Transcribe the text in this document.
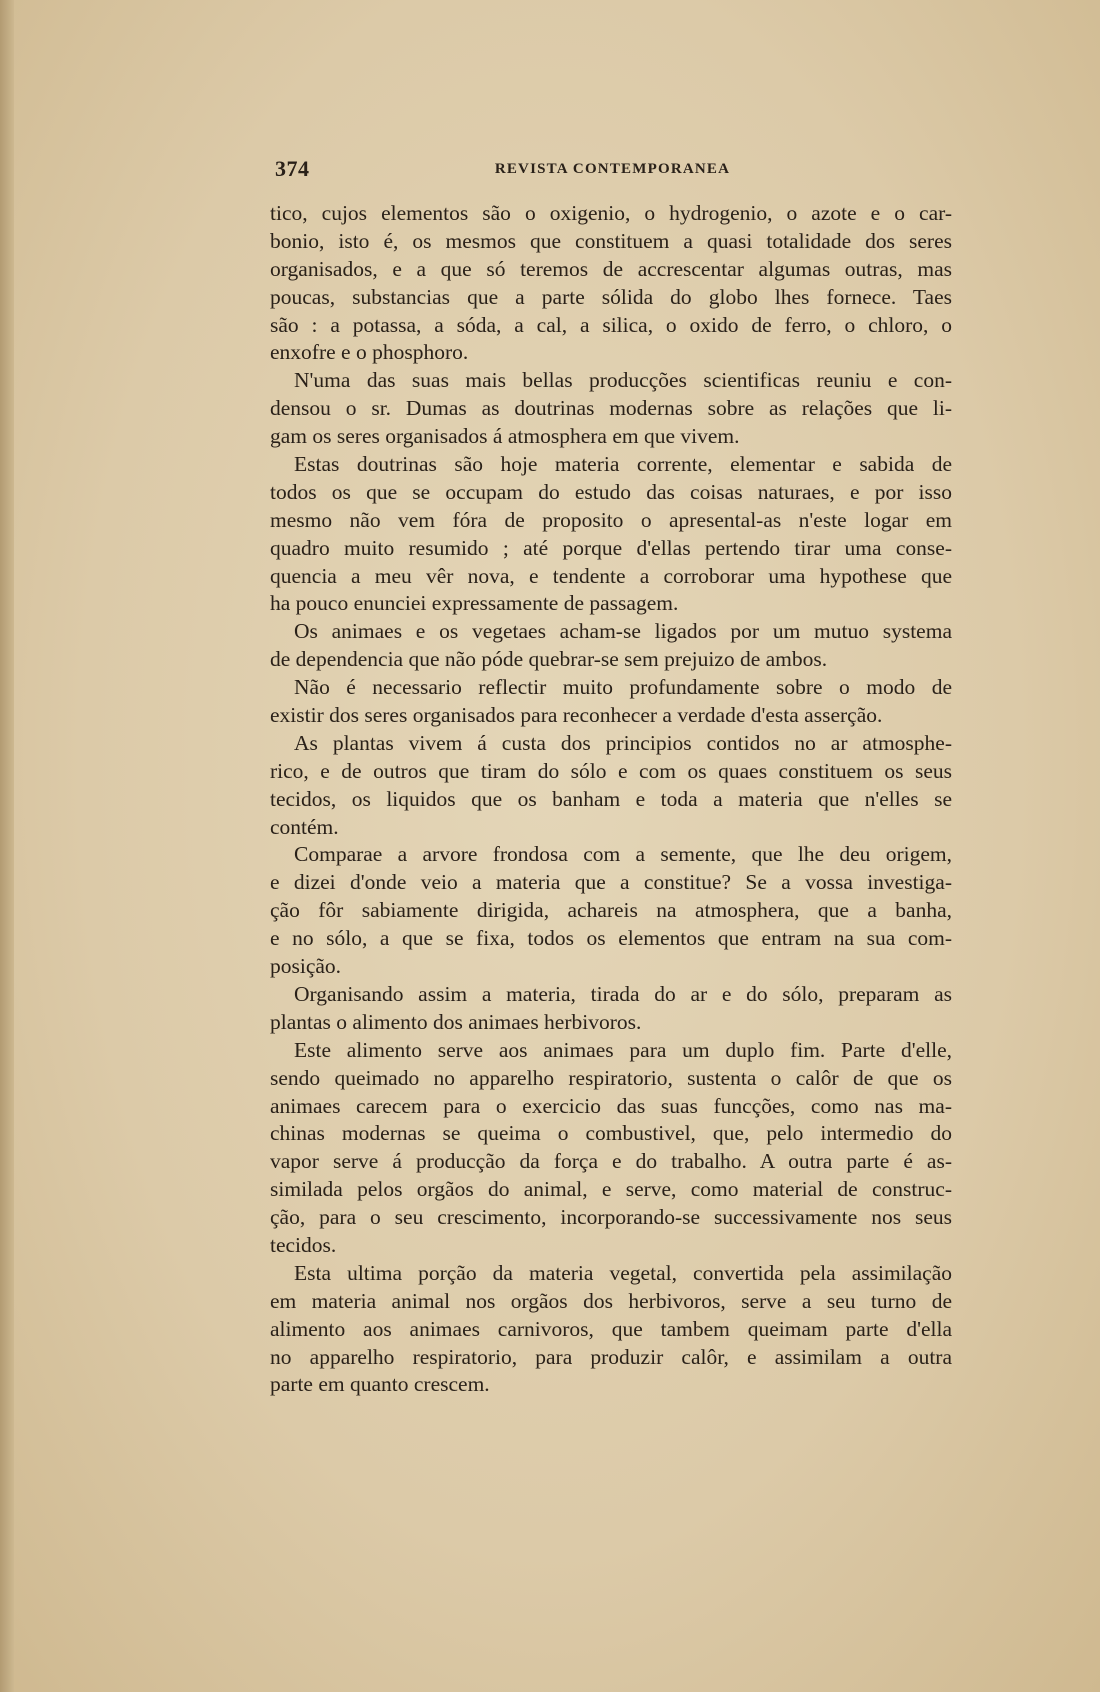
374	REVISTA CONTEMPORANEA
tico, cujos elementos são o oxigenio, o hydrogenio, o azote e o car-
bonio, isto é, os mesmos que constituem a quasi totalidade dos seres
organisados, e a que só teremos de accrescentar algumas outras, mas
poucas, substancias que a parte sólida do globo lhes fornece. Taes
são : a potassa, a sóda, a cal, a silica, o oxido de ferro, o chloro, o
enxofre e o phosphoro.
N'uma das suas mais bellas producções scientificas reuniu e con-
densou o sr. Dumas as doutrinas modernas sobre as relações que li-
gam os seres organisados á atmosphera em que vivem.
Estas doutrinas são hoje materia corrente, elementar e sabida de
todos os que se occupam do estudo das coisas naturaes, e por isso
mesmo não vem fóra de proposito o apresental-as n'este logar em
quadro muito resumido ; até porque d'ellas pertendo tirar uma conse-
quencia a meu vêr nova, e tendente a corroborar uma hypothese que
ha pouco enunciei expressamente de passagem.
Os animaes e os vegetaes acham-se ligados por um mutuo systema
de dependencia que não póde quebrar-se sem prejuizo de ambos.
Não é necessario reflectir muito profundamente sobre o modo de
existir dos seres organisados para reconhecer a verdade d'esta asserção.
As plantas vivem á custa dos principios contidos no ar atmosphe-
rico, e de outros que tiram do sólo e com os quaes constituem os seus
tecidos, os liquidos que os banham e toda a materia que n'elles se
contém.
Comparae a arvore frondosa com a semente, que lhe deu origem,
e dizei d'onde veio a materia que a constitue? Se a vossa investiga-
ção fôr sabiamente dirigida, achareis na atmosphera, que a banha,
e no sólo, a que se fixa, todos os elementos que entram na sua com-
posição.
Organisando assim a materia, tirada do ar e do sólo, preparam as
plantas o alimento dos animaes herbivoros.
Este alimento serve aos animaes para um duplo fim. Parte d'elle,
sendo queimado no apparelho respiratorio, sustenta o calôr de que os
animaes carecem para o exercicio das suas funcções, como nas ma-
chinas modernas se queima o combustivel, que, pelo intermedio do
vapor serve á producção da força e do trabalho. A outra parte é as-
similada pelos orgãos do animal, e serve, como material de construc-
ção, para o seu crescimento, incorporando-se successivamente nos seus
tecidos.
Esta ultima porção da materia vegetal, convertida pela assimilação
em materia animal nos orgãos dos herbivoros, serve a seu turno de
alimento aos animaes carnivoros, que tambem queimam parte d'ella
no apparelho respiratorio, para produzir calôr, e assimilam a outra
parte em quanto crescem.
